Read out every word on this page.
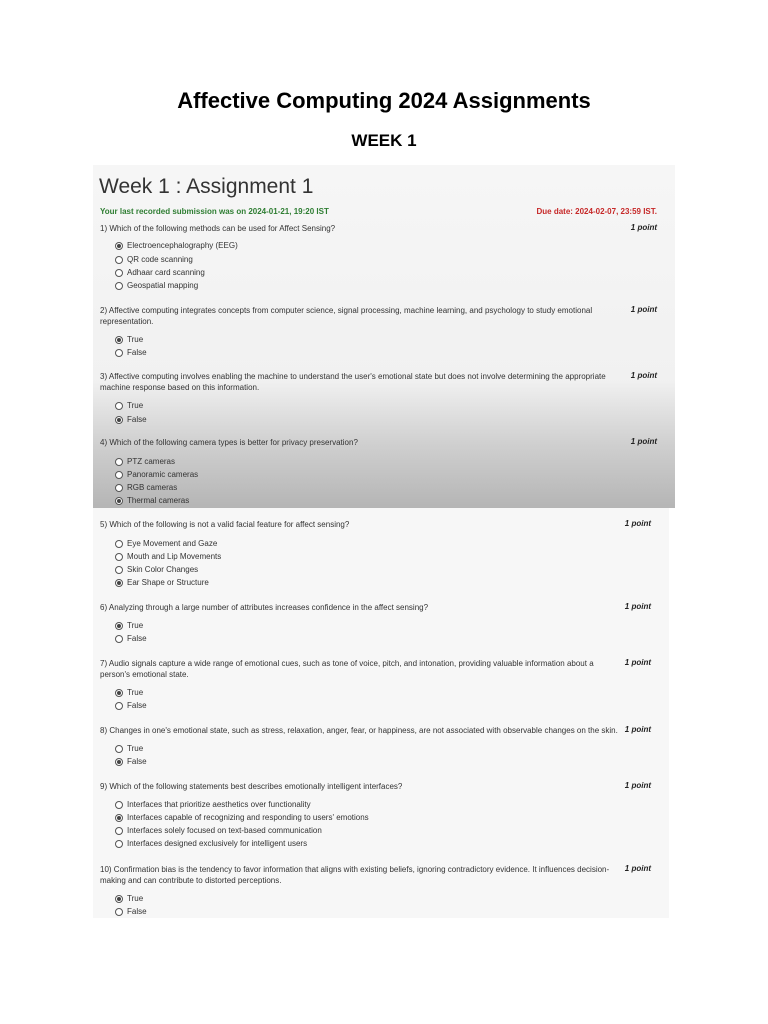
Affective Computing 2024 Assignments
WEEK 1
Week 1 : Assignment 1
Your last recorded submission was on 2024-01-21, 19:20 IST	Due date: 2024-02-07, 23:59 IST.
1) Which of the following methods can be used for Affect Sensing?	1 point
Electroencephalography (EEG)
QR code scanning
Adhaar card scanning
Geospatial mapping
2) Affective computing integrates concepts from computer science, signal processing, machine learning, and psychology to study emotional representation.
1 point
True
False
3) Affective computing involves enabling the machine to understand the user's emotional state but does not involve determining the appropriate machine response based on this information.
1 point
True
False
4) Which of the following camera types is better for privacy preservation?	1 point
PTZ cameras
Panoramic cameras
RGB cameras
Thermal cameras
5) Which of the following is not a valid facial feature for affect sensing?	1 point
Eye Movement and Gaze
Mouth and Lip Movements
Skin Color Changes
Ear Shape or Structure
6) Analyzing through a large number of attributes increases confidence in the affect sensing?	1 point
True
False
7) Audio signals capture a wide range of emotional cues, such as tone of voice, pitch, and intonation, providing valuable information about a person's emotional state.
1 point
True
False
8) Changes in one's emotional state, such as stress, relaxation, anger, fear, or happiness, are not associated with observable changes on the skin. 1 point
True
False
9) Which of the following statements best describes emotionally intelligent interfaces?	1 point
Interfaces that prioritize aesthetics over functionality
Interfaces capable of recognizing and responding to users' emotions
Interfaces solely focused on text-based communication
Interfaces designed exclusively for intelligent users
10) Confirmation bias is the tendency to favor information that aligns with existing beliefs, ignoring contradictory evidence. It influences decision-making and can contribute to distorted perceptions.
1 point
True
False
